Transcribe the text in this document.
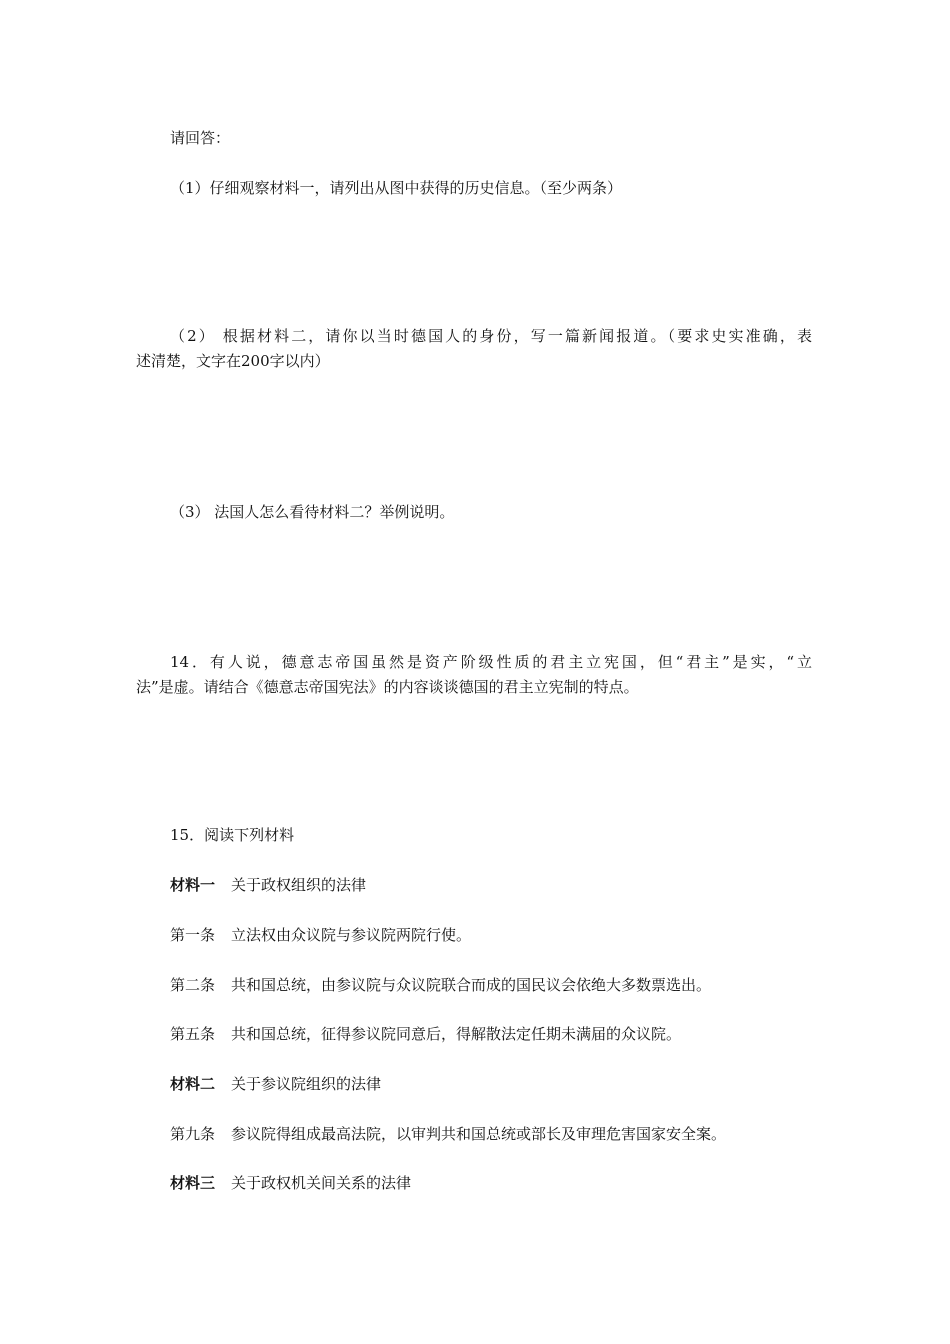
请回答：
（1）仔细观察材料一，请列出从图中获得的历史信息。（至少两条）
（2） 根据材料二，请你以当时德国人的身份，写一篇新闻报道。（要求史实准确，表
述清楚，文字在200字以内）
（3） 法国人怎么看待材料二？举例说明。
14．有人说，德意志帝国虽然是资产阶级性质的君主立宪国，但“君主”是实，“立
法”是虚。请结合《德意志帝国宪法》的内容谈谈德国的君主立宪制的特点。
15．阅读下列材料
材料一 关于政权组织的法律
第一条 立法权由众议院与参议院两院行使。
第二条 共和国总统，由参议院与众议院联合而成的国民议会依绝大多数票选出。
第五条 共和国总统，征得参议院同意后，得解散法定任期未满届的众议院。
材料二 关于参议院组织的法律
第九条 参议院得组成最高法院，以审判共和国总统或部长及审理危害国家安全案。
材料三 关于政权机关间关系的法律
